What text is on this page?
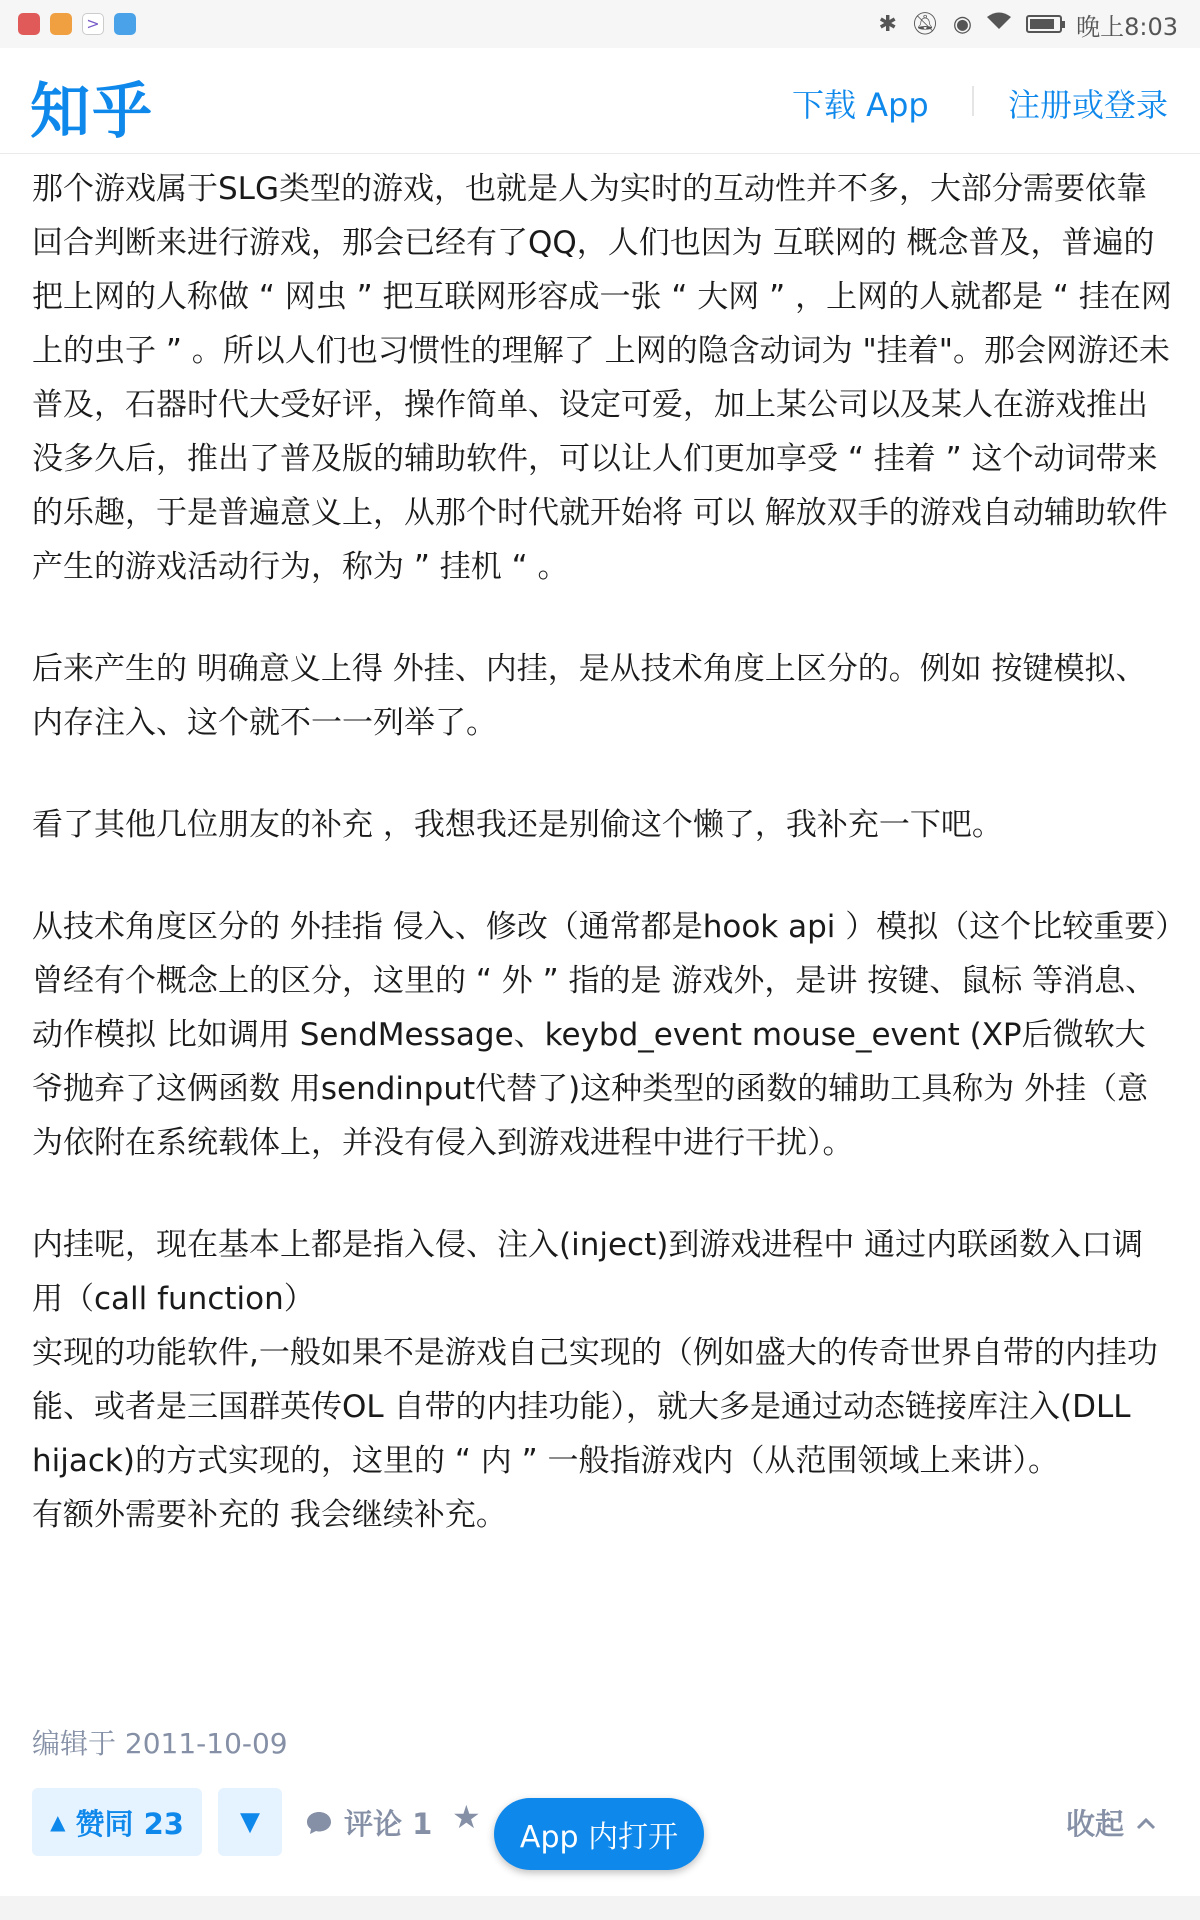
>	✱ 🔕︎ ◉	晚上8:03
知乎	下载 App 注册或登录

那个游戏属于SLG类型的游戏，也就是人为实时的互动性并不多，大部分需要依靠回合判断来进行游戏，那会已经有了QQ，人们也因为 互联网的 概念普及，普遍的把上网的人称做 “ 网虫 ” 把互联网形容成一张 “ 大网 ” ，上网的人就都是 “ 挂在网上的虫子 ” 。所以人们也习惯性的理解了 上网的隐含动词为 "挂着"。那会网游还未普及，石器时代大受好评，操作简单、设定可爱，加上某公司以及某人在游戏推出没多久后，推出了普及版的辅助软件，可以让人们更加享受 “ 挂着 ” 这个动词带来的乐趣，于是普遍意义上，从那个时代就开始将 可以 解放双手的游戏自动辅助软件产生的游戏活动行为，称为 ” 挂机 “ 。

后来产生的 明确意义上得 外挂、内挂，是从技术角度上区分的。例如 按键模拟、内存注入、这个就不一一列举了。

看了其他几位朋友的补充 ，我想我还是别偷这个懒了，我补充一下吧。

从技术角度区分的 外挂指 侵入、修改（通常都是hook api ）模拟（这个比较重要）曾经有个概念上的区分，这里的 “ 外 ” 指的是 游戏外，是讲 按键、鼠标 等消息、动作模拟 比如调用 SendMessage、keybd_event mouse_event (XP后微软大爷抛弃了这俩函数 用sendinput代替了)这种类型的函数的辅助工具称为 外挂（意为依附在系统载体上，并没有侵入到游戏进程中进行干扰）。

内挂呢，现在基本上都是指入侵、注入(inject)到游戏进程中 通过内联函数入口调用（call function）

实现的功能软件,一般如果不是游戏自己实现的（例如盛大的传奇世界自带的内挂功能、或者是三国群英传OL 自带的内挂功能），就大多是通过动态链接库注入(DLL hijack)的方式实现的，这里的 “ 内 ” 一般指游戏内（从范围领域上来讲）。

有额外需要补充的 我会继续补充。

编辑于 2011-10-09
▲ 赞同 23 ▼	评论 1 ★
App 内打开	收起
